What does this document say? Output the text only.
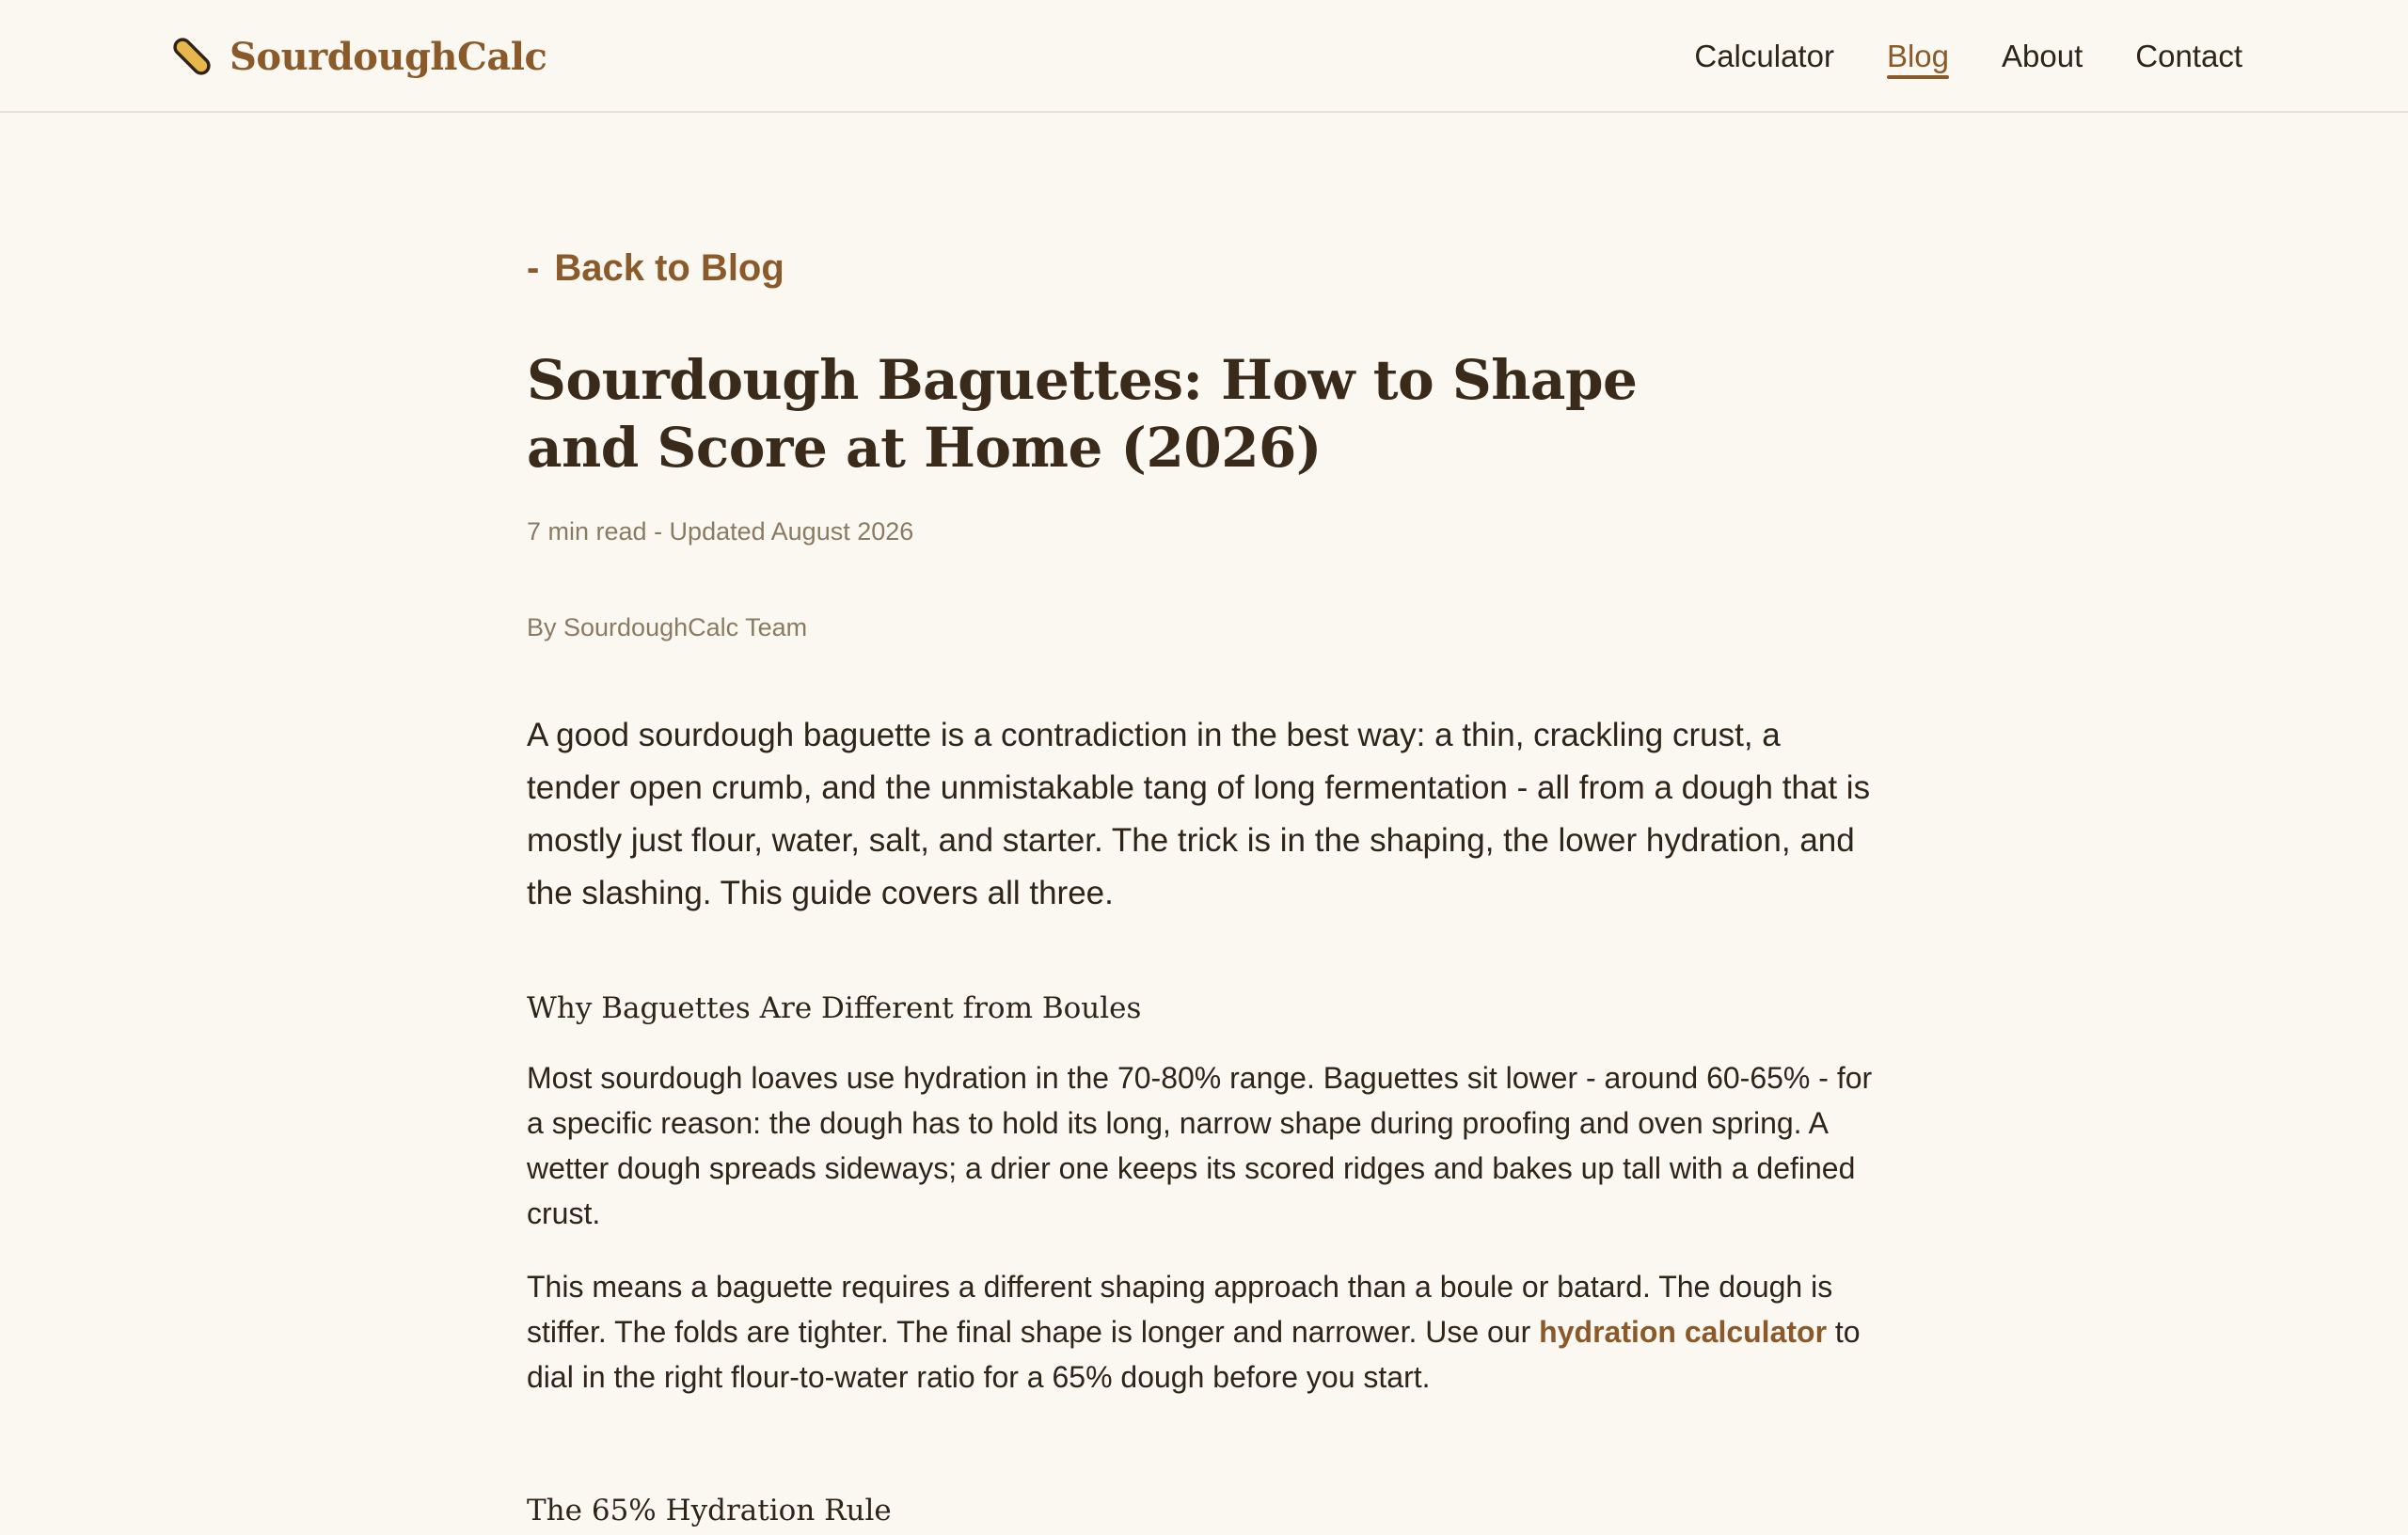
SourdoughCalc	Calculator Blog About Contact
- Back to Blog
Sourdough Baguettes: How to Shape and Score at Home (2026)
7 min read - Updated August 2026
By SourdoughCalc Team

A good sourdough baguette is a contradiction in the best way: a thin, crackling crust, a tender open crumb, and the unmistakable tang of long fermentation - all from a dough that is mostly just flour, water, salt, and starter. The trick is in the shaping, the lower hydration, and the slashing. This guide covers all three.

Why Baguettes Are Different from Boules

Most sourdough loaves use hydration in the 70-80% range. Baguettes sit lower - around 60-65% - for a specific reason: the dough has to hold its long, narrow shape during proofing and oven spring. A wetter dough spreads sideways; a drier one keeps its scored ridges and bakes up tall with a defined crust.

This means a baguette requires a different shaping approach than a boule or batard. The dough is stiffer. The folds are tighter. The final shape is longer and narrower. Use our hydration calculator to dial in the right flour-to-water ratio for a 65% dough before you start.

The 65% Hydration Rule
